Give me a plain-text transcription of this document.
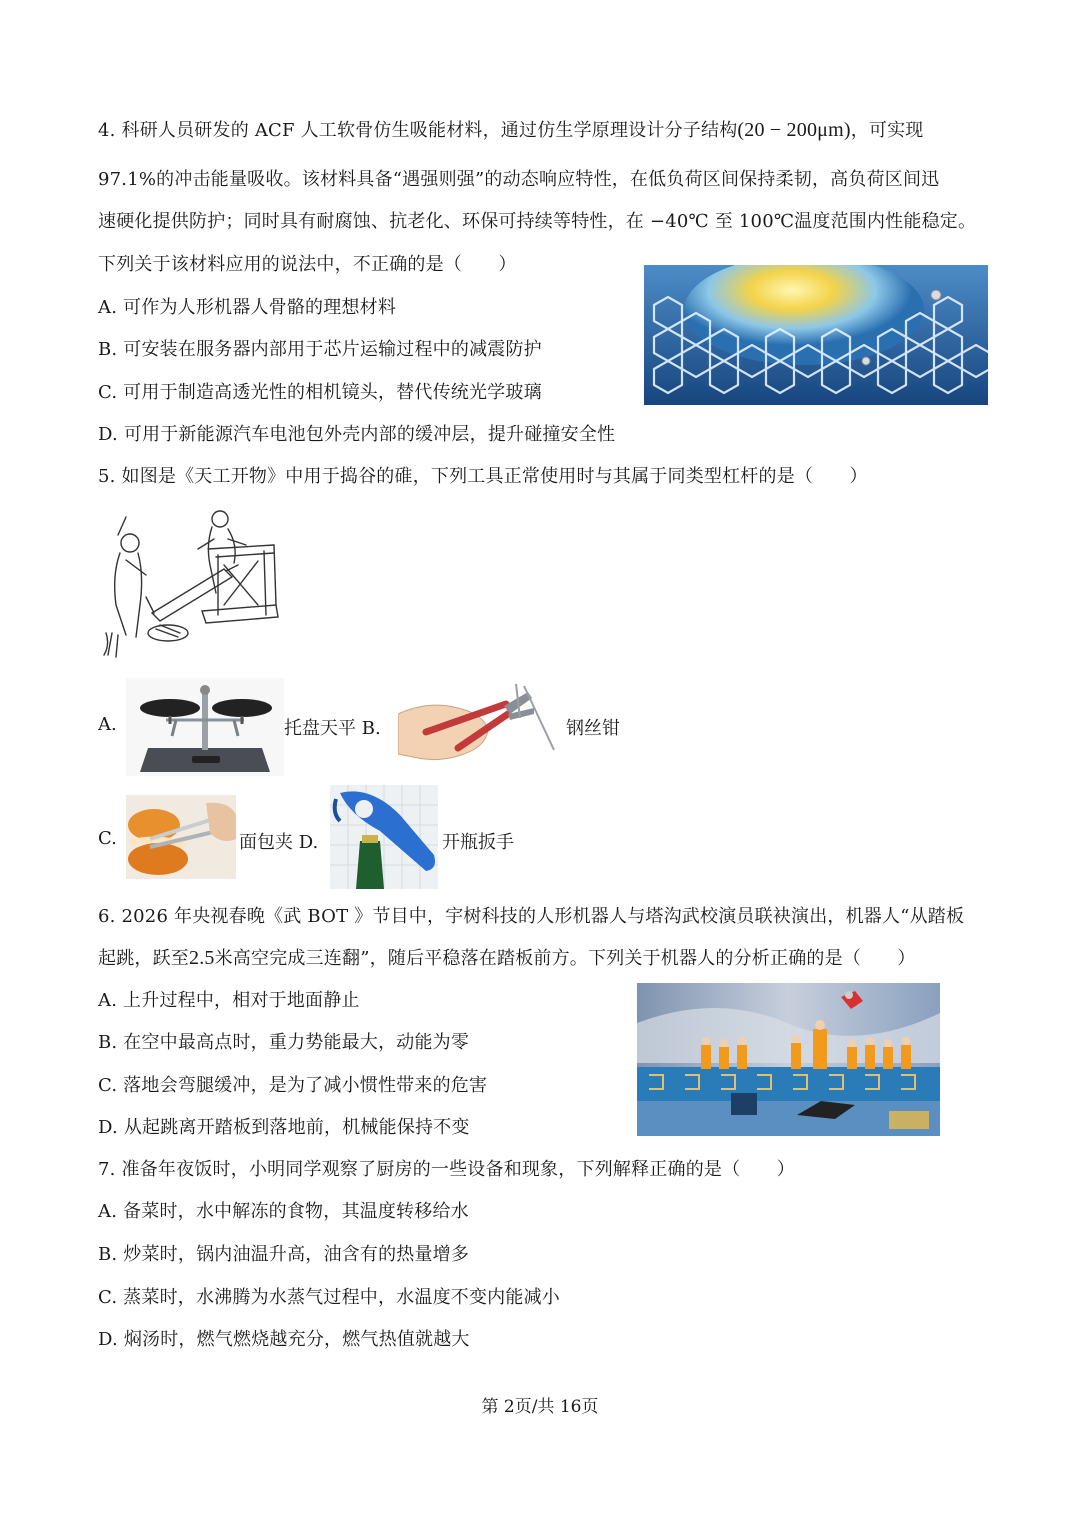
4. 科研人员研发的 ACF 人工软骨仿生吸能材料，通过仿生学原理设计分子结构(20 − 200μm)，可实现
97.1%的冲击能量吸收。该材料具备“遇强则强”的动态响应特性，在低负荷区间保持柔韧，高负荷区间迅
速硬化提供防护；同时具有耐腐蚀、抗老化、环保可持续等特性，在 −40℃ 至 100℃温度范围内性能稳定。
下列关于该材料应用的说法中，不正确的是（　　）
A. 可作为人形机器人骨骼的理想材料
B. 可安装在服务器内部用于芯片运输过程中的减震防护
C. 可用于制造高透光性的相机镜头，替代传统光学玻璃
D. 可用于新能源汽车电池包外壳内部的缓冲层，提升碰撞安全性
5. 如图是《天工开物》中用于捣谷的碓，下列工具正常使用时与其属于同类型杠杆的是（　　）
A.	托盘天平 B.	钢丝钳
C.	面包夹 D.	开瓶扳手
6. 2026 年央视春晚《武 BOT 》节目中，宇树科技的人形机器人与塔沟武校演员联袂演出，机器人“从踏板
起跳，跃至2.5米高空完成三连翻”，随后平稳落在踏板前方。下列关于机器人的分析正确的是（　　）
A. 上升过程中，相对于地面静止
B. 在空中最高点时，重力势能最大，动能为零
C. 落地会弯腿缓冲，是为了减小惯性带来的危害
D. 从起跳离开踏板到落地前，机械能保持不变
7. 准备年夜饭时，小明同学观察了厨房的一些设备和现象，下列解释正确的是（　　）
A. 备菜时，水中解冻的食物，其温度转移给水
B. 炒菜时，锅内油温升高，油含有的热量增多
C. 蒸菜时，水沸腾为水蒸气过程中，水温度不变内能减小
D. 焖汤时，燃气燃烧越充分，燃气热值就越大
第 2页/共 16页
